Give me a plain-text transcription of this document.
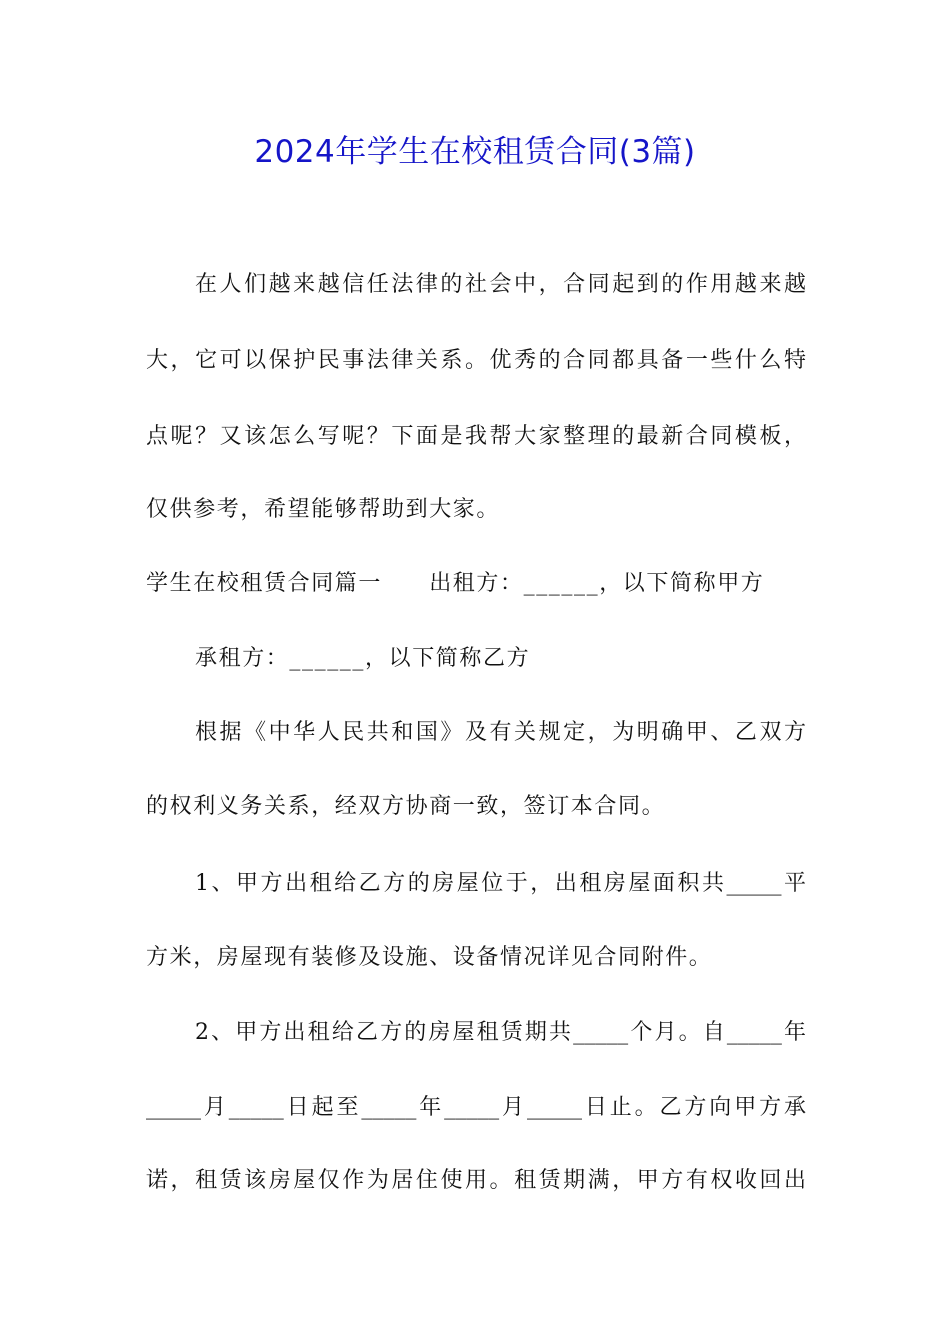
2024年学生在校租赁合同(3篇)
在人们越来越信任法律的社会中，合同起到的作用越来越
大，它可以保护民事法律关系。优秀的合同都具备一些什么特
点呢？又该怎么写呢？下面是我帮大家整理的最新合同模板，
仅供参考，希望能够帮助到大家。
学生在校租赁合同篇一　　出租方：______，以下简称甲方
承租方：______，以下简称乙方
根据《中华人民共和国》及有关规定，为明确甲、乙双方
的权利义务关系，经双方协商一致，签订本合同。
1、甲方出租给乙方的房屋位于，出租房屋面积共_____平
方米，房屋现有装修及设施、设备情况详见合同附件。
2、甲方出租给乙方的房屋租赁期共_____个月。自_____年
_____月_____日起至_____年_____月_____日止。乙方向甲方承
诺，租赁该房屋仅作为居住使用。租赁期满，甲方有权收回出
